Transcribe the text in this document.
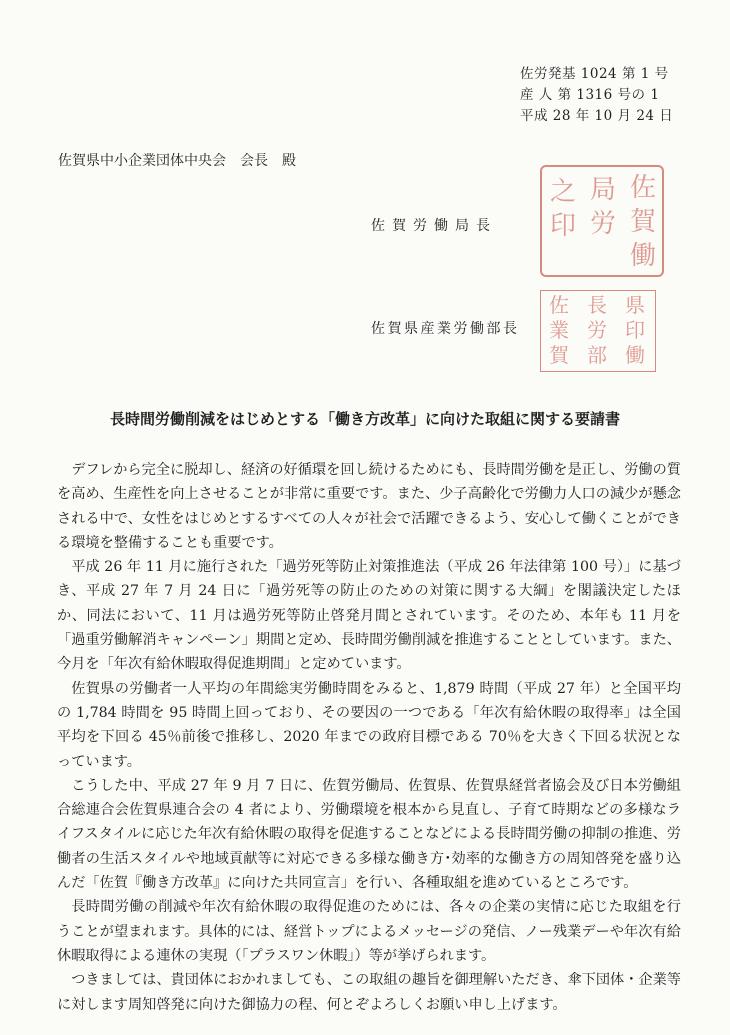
佐労発基 1024 第 1 号
産 人 第 1316 号の 1
平成 28 年 10 月 24 日
佐賀県中小企業団体中央会　会長　殿
佐賀労働局長
佐
局
賀
之
労
印
働
佐賀県産業労働部長
県
印
働
長
労
部
佐
業
賀
長時間労働削減をはじめとする「働き方改革」に向けた取組に関する要請書

デフレから完全に脱却し、経済の好循環を回し続けるためにも、長時間労働を是正し、労働の質を高め、生産性を向上させることが非常に重要です。また、少子高齢化で労働力人口の減少が懸念される中で、女性をはじめとするすべての人々が社会で活躍できるよう、安心して働くことができる環境を整備することも重要です。

平成 26 年 11 月に施行された「過労死等防止対策推進法（平成 26 年法律第 100 号）」に基づき、平成 27 年 7 月 24 日に「過労死等の防止のための対策に関する大綱」を閣議決定したほか、同法において、11 月は過労死等防止啓発月間とされています。そのため、本年も 11 月を「過重労働解消キャンペーン」期間と定め、長時間労働削減を推進することとしています。また、今月を「年次有給休暇取得促進期間」と定めています。

佐賀県の労働者一人平均の年間総実労働時間をみると、1,879 時間（平成 27 年）と全国平均の 1,784 時間を 95 時間上回っており、その要因の一つである「年次有給休暇の取得率」は全国平均を下回る 45％前後で推移し、2020 年までの政府目標である 70％を大きく下回る状況となっています。

こうした中、平成 27 年 9 月 7 日に、佐賀労働局、佐賀県、佐賀県経営者協会及び日本労働組合総連合会佐賀県連合会の 4 者により、労働環境を根本から見直し、子育て時期などの多様なライフスタイルに応じた年次有給休暇の取得を促進することなどによる長時間労働の抑制の推進、労働者の生活スタイルや地域貢献等に対応できる多様な働き方･効率的な働き方の周知啓発を盛り込んだ「佐賀『働き方改革』に向けた共同宣言」を行い、各種取組を進めているところです。

長時間労働の削減や年次有給休暇の取得促進のためには、各々の企業の実情に応じた取組を行うことが望まれます。具体的には、経営トップによるメッセージの発信、ノー残業デーや年次有給休暇取得による連休の実現（「プラスワン休暇」）等が挙げられます。

つきましては、貴団体におかれましても、この取組の趣旨を御理解いただき、傘下団体・企業等に対します周知啓発に向けた御協力の程、何とぞよろしくお願い申し上げます。
